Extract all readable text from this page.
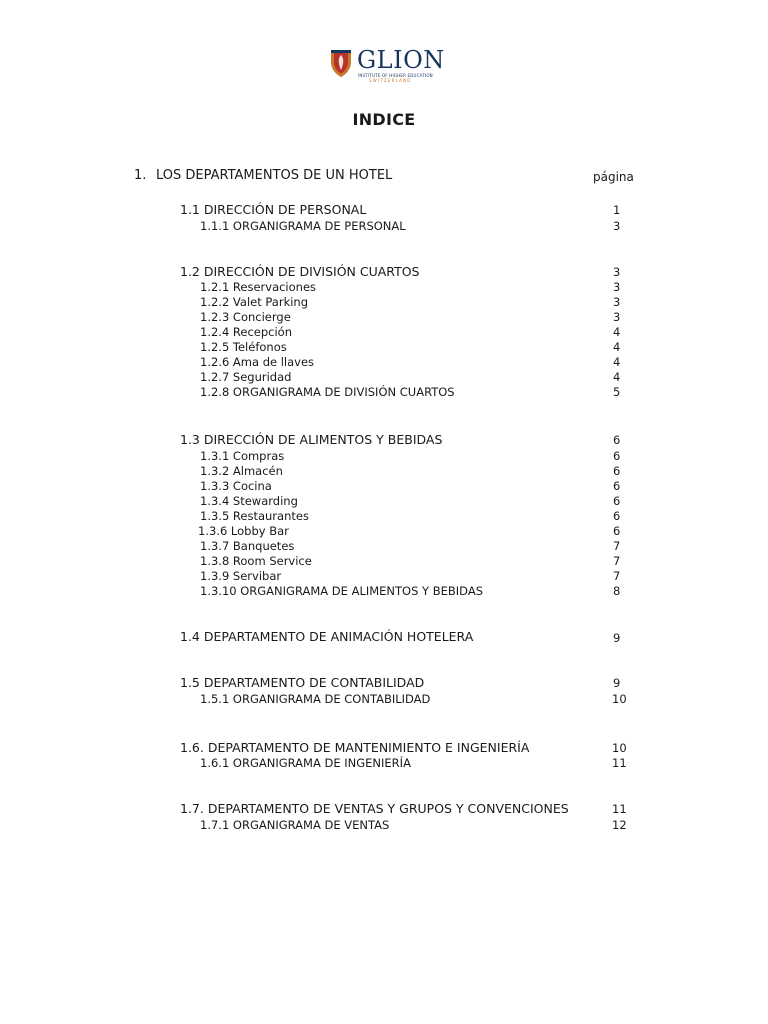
GLION
INSTITUTE OF HIGHER EDUCATION
SWITZERLAND
INDICE
1. LOS DEPARTAMENTOS DE UN HOTEL	página
1.1 DIRECCIÓN DE PERSONAL	1
1.1.1 ORGANIGRAMA DE PERSONAL	3
1.2 DIRECCIÓN DE DIVISIÓN CUARTOS	3
1.2.1 Reservaciones	3
1.2.2 Valet Parking	3
1.2.3 Concierge	3
1.2.4 Recepción	4
1.2.5 Teléfonos	4
1.2.6 Ama de llaves	4
1.2.7 Seguridad	4
1.2.8 ORGANIGRAMA DE DIVISIÓN CUARTOS	5
1.3 DIRECCIÓN DE ALIMENTOS Y BEBIDAS	6
1.3.1 Compras	6
1.3.2 Almacén	6
1.3.3 Cocina	6
1.3.4 Stewarding	6
1.3.5 Restaurantes	6
1.3.6 Lobby Bar	6
1.3.7 Banquetes	7
1.3.8 Room Service	7
1.3.9 Servibar	7
1.3.10 ORGANIGRAMA DE ALIMENTOS Y BEBIDAS	8
1.4 DEPARTAMENTO DE ANIMACIÓN HOTELERA	9
1.5 DEPARTAMENTO DE CONTABILIDAD	9
1.5.1 ORGANIGRAMA DE CONTABILIDAD	10
1.6. DEPARTAMENTO DE MANTENIMIENTO E INGENIERÍA	10
1.6.1 ORGANIGRAMA DE INGENIERÍA	11
1.7. DEPARTAMENTO DE VENTAS Y GRUPOS Y CONVENCIONES	11
1.7.1 ORGANIGRAMA DE VENTAS	12
